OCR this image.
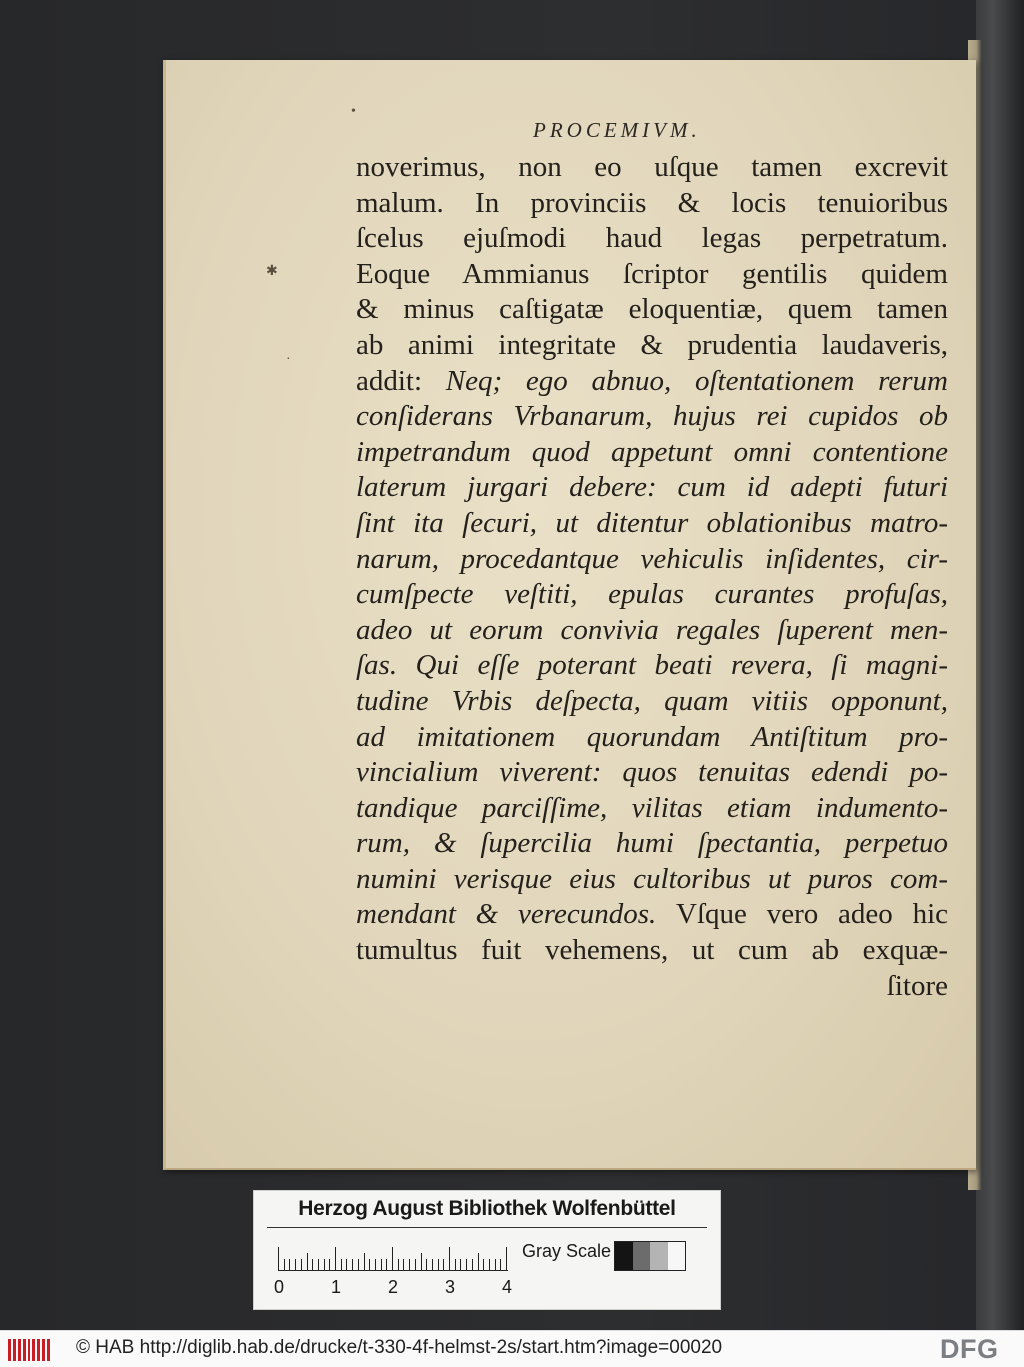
•
✱
·
PROCEMIVM.
noverimus, non eo uſque tamen excrevit
malum. In provinciis & locis tenuioribus
ſcelus ejuſmodi haud legas perpetratum.
Eoque Ammianus ſcriptor gentilis quidem
& minus caſtigatæ eloquentiæ, quem tamen
ab animi integritate & prudentia laudaveris,
addit: Neq; ego abnuo, oſtentationem rerum
conſiderans Vrbanarum, hujus rei cupidos ob
impetrandum quod appetunt omni contentione
laterum jurgari debere: cum id adepti futuri
ſint ita ſecuri, ut ditentur oblationibus matro-
narum, procedantque vehiculis inſidentes, cir-
cumſpecte veſtiti, epulas curantes profuſas,
adeo ut eorum convivia regales ſuperent men-
ſas. Qui eſſe poterant beati revera, ſi magni-
tudine Vrbis deſpecta, quam vitiis opponunt,
ad imitationem quorundam Antiſtitum pro-
vincialium viverent: quos tenuitas edendi po-
tandique parciſſime, vilitas etiam indumento-
rum, & ſupercilia humi ſpectantia, perpetuo
numini verisque eius cultoribus ut puros com-
mendant & verecundos. Vſque vero adeo hic
tumultus fuit vehemens, ut cum ab exquæ-
ſitore
Herzog August Bibliothek Wolfenbüttel
0	1	2	3	4
Gray Scale
© HAB http://diglib.hab.de/drucke/t-330-4f-helmst-2s/start.htm?image=00020	DFG
